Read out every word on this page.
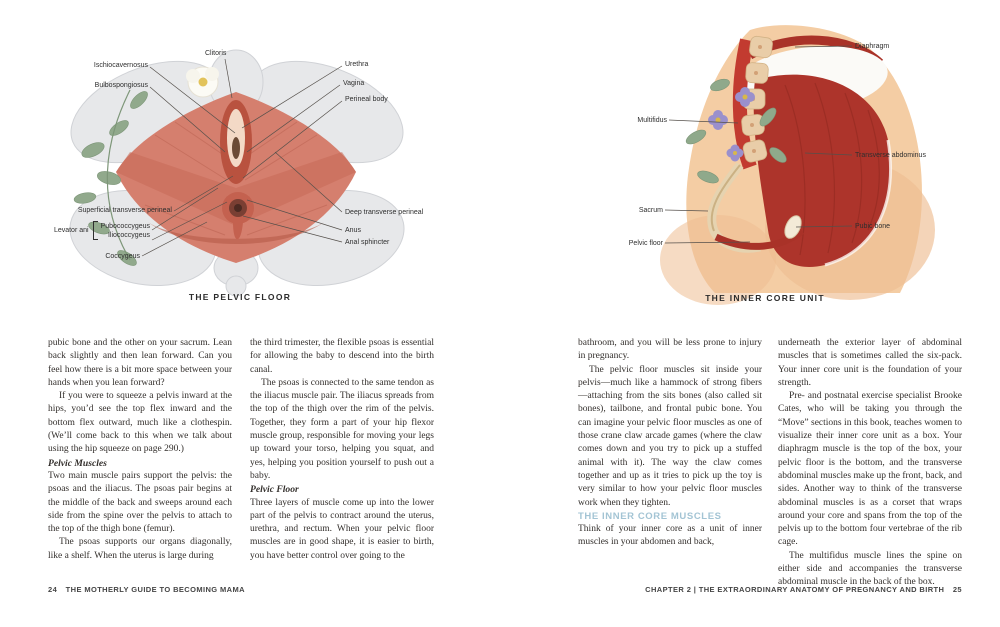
Clitoris
Ischiocavernosus
Bulbospongiosus
Urethra
Vagina
Perineal body
Superficial transverse perineal
Levator ani
Pubococcygeus
Iliococcygeus
Coccygeus
Deep transverse perineal
Anus
Anal sphincter
THE PELVIC FLOOR

pubic bone and the other on your sacrum. Lean back slightly and then lean forward. Can you feel how there is a bit more space between your hands when you lean forward?

If you were to squeeze a pelvis inward at the hips, you’d see the top flex inward and the bottom flex outward, much like a clothespin. (We’ll come back to this when we talk about using the hip squeeze on page 290.)

Pelvic Muscles

Two main muscle pairs support the pelvis: the psoas and the iliacus. The psoas pair begins at the middle of the back and sweeps around each side from the spine over the pelvis to attach to the top of the thigh bone (femur).

The psoas supports our organs diagonally, like a shelf. When the uterus is large during

the third trimester, the flexible psoas is essential for allowing the baby to descend into the birth canal.

The psoas is connected to the same tendon as the iliacus muscle pair. The iliacus spreads from the top of the thigh over the rim of the pelvis. Together, they form a part of your hip flexor muscle group, responsible for moving your legs up toward your torso, helping you squat, and yes, helping you position yourself to push out a baby.

Pelvic Floor

Three layers of muscle come up into the lower part of the pelvis to contract around the uterus, urethra, and rectum. When your pelvic floor muscles are in good shape, it is easier to birth, you have better control over going to the

24 THE MOTHERLY GUIDE TO BECOMING MAMA
Diaphragm
Multifidus
Transverse abdominus
Sacrum
Pubic bone
Pelvic floor
THE INNER CORE UNIT

bathroom, and you will be less prone to injury in pregnancy.

The pelvic floor muscles sit inside your pelvis—much like a hammock of strong fibers—attaching from the sits bones (also called sit bones), tailbone, and frontal pubic bone. You can imagine your pelvic floor muscles as one of those crane claw arcade games (where the claw comes down and you try to pick up a stuffed animal with it). The way the claw comes together and up as it tries to pick up the toy is very similar to how your pelvic floor muscles work when they tighten.

THE INNER CORE MUSCLES

Think of your inner core as a unit of inner muscles in your abdomen and back,

underneath the exterior layer of abdominal muscles that is sometimes called the six-pack. Your inner core unit is the foundation of your strength.

Pre- and postnatal exercise specialist Brooke Cates, who will be taking you through the “Move” sections in this book, teaches women to visualize their inner core unit as a box. Your diaphragm muscle is the top of the box, your pelvic floor is the bottom, and the transverse abdominal muscles make up the front, back, and sides. Another way to think of the transverse abdominal muscles is as a corset that wraps around your core and spans from the top of the pelvis up to the bottom four vertebrae of the rib cage.

The multifidus muscle lines the spine on either side and accompanies the transverse abdominal muscle in the back of the box.

CHAPTER 2 | THE EXTRAORDINARY ANATOMY OF PREGNANCY AND BIRTH 25
